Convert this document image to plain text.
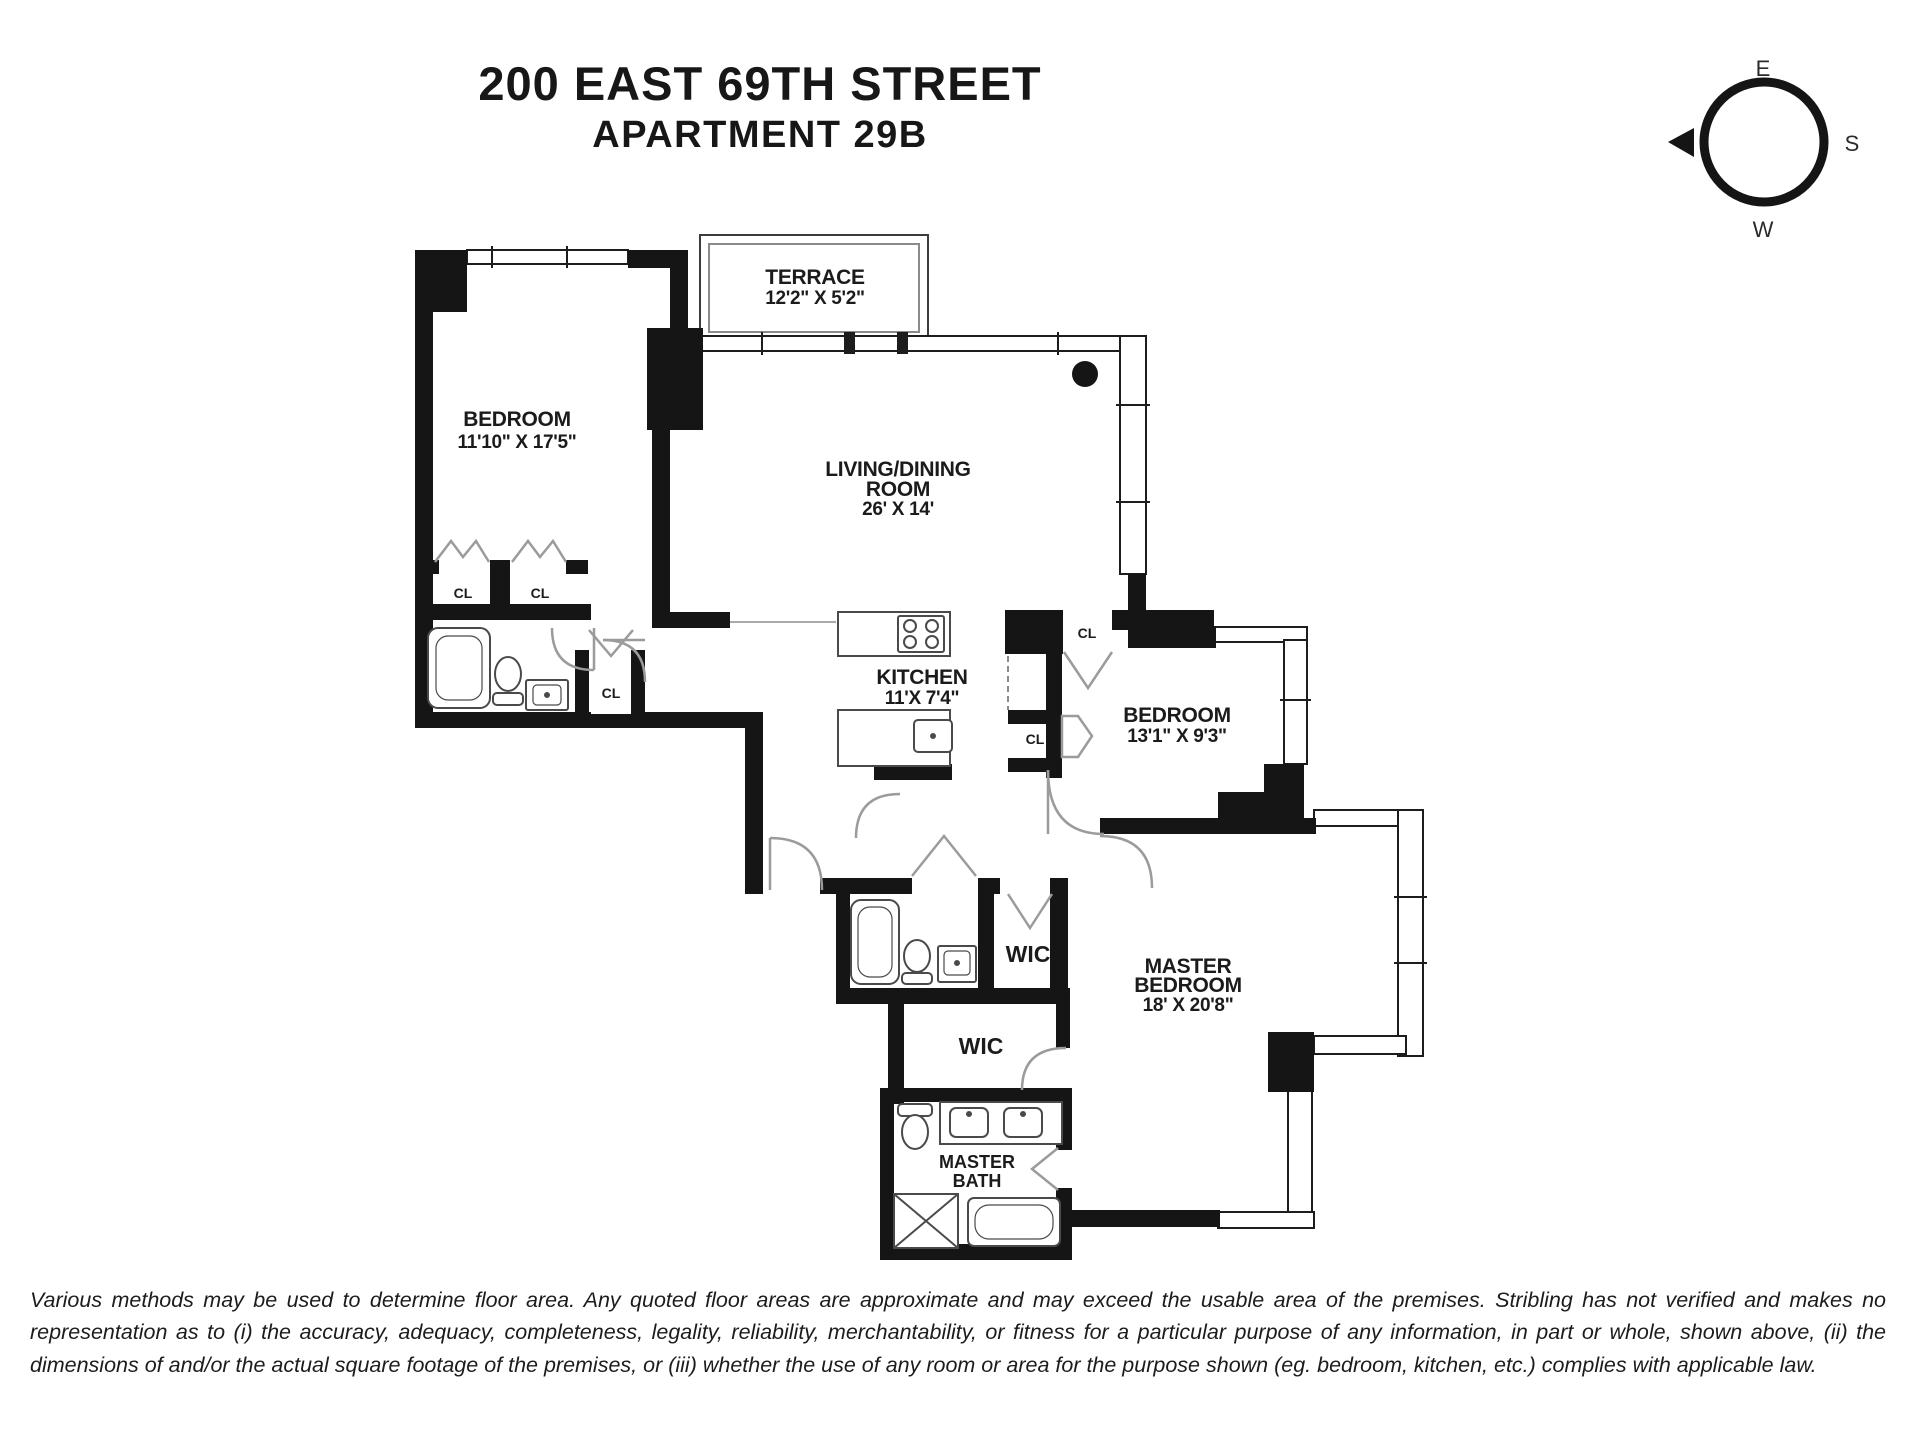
200 EAST 69TH STREET
APARTMENT 29B
TERRACE
12'2" X 5'2"
BEDROOM
11'10" X 17'5"
LIVING/DINING
ROOM
26' X 14'
KITCHEN
11'X 7'4"
BEDROOM
13'1" X 9'3"
MASTER
BEDROOM
18' X 20'8"
MASTER
BATH
CL	CL
CL
CL
CL
WIC
WIC
E
S
W
Various methods may be used to determine floor area. Any quoted floor areas are approximate and may exceed the usable area of the premises. Stribling has not verified and makes no representation as to (i) the accuracy, adequacy, completeness, legality, reliability, merchantability, or fitness for a particular purpose of any information, in part or whole, shown above, (ii) the dimensions of and/or the actual square footage of the premises, or (iii) whether the use of any room or area for the purpose shown (eg. bedroom, kitchen, etc.) complies with applicable law.
